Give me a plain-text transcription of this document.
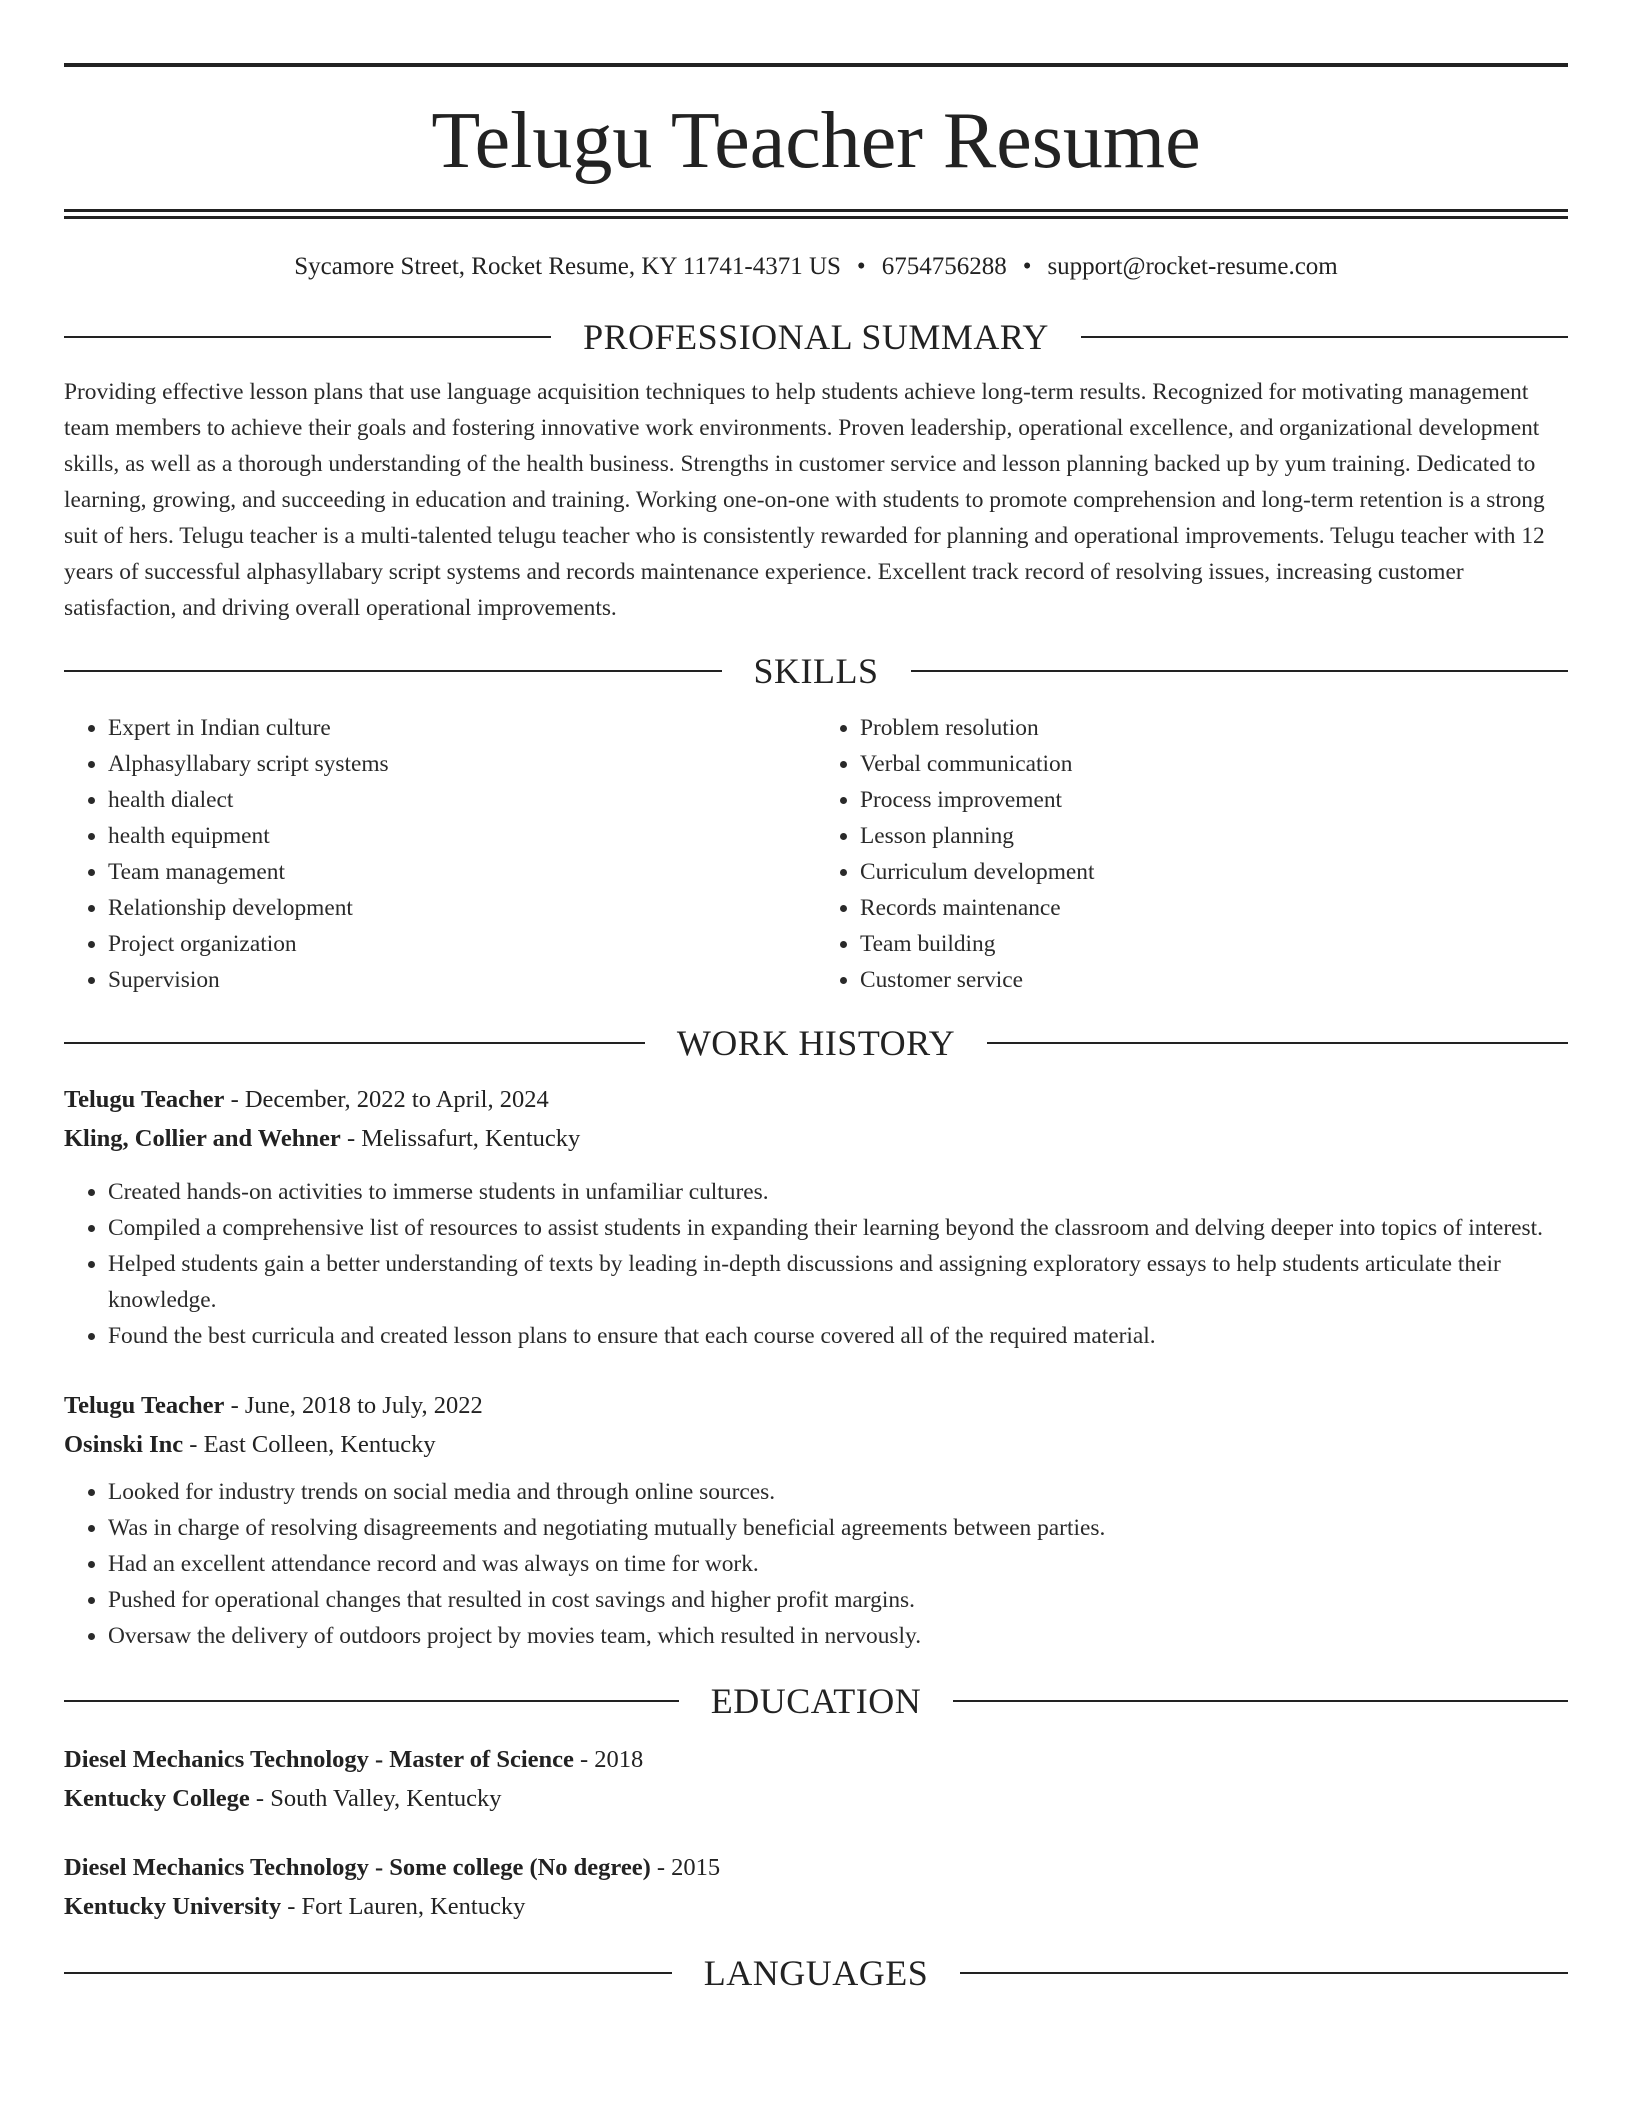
Telugu Teacher Resume
Sycamore Street, Rocket Resume, KY 11741-4371 US • 6754756288 • support@rocket-resume.com
PROFESSIONAL SUMMARY
Providing effective lesson plans that use language acquisition techniques to help students achieve long-term results. Recognized for motivating management team members to achieve their goals and fostering innovative work environments. Proven leadership, operational excellence, and organizational development skills, as well as a thorough understanding of the health business. Strengths in customer service and lesson planning backed up by yum training. Dedicated to learning, growing, and succeeding in education and training. Working one-on-one with students to promote comprehension and long-term retention is a strong suit of hers. Telugu teacher is a multi-talented telugu teacher who is consistently rewarded for planning and operational improvements. Telugu teacher with 12 years of successful alphasyllabary script systems and records maintenance experience. Excellent track record of resolving issues, increasing customer satisfaction, and driving overall operational improvements.
SKILLS
• Expert in Indian culture
• Alphasyllabary script systems
• health dialect
• health equipment
• Team management
• Relationship development
• Project organization
• Supervision
• Problem resolution
• Verbal communication
• Process improvement
• Lesson planning
• Curriculum development
• Records maintenance
• Team building
• Customer service
WORK HISTORY
Telugu Teacher - December, 2022 to April, 2024
Kling, Collier and Wehner - Melissafurt, Kentucky
• Created hands-on activities to immerse students in unfamiliar cultures.
• Compiled a comprehensive list of resources to assist students in expanding their learning beyond the classroom and delving deeper into topics of interest.
• Helped students gain a better understanding of texts by leading in-depth discussions and assigning exploratory essays to help students articulate their knowledge.
• Found the best curricula and created lesson plans to ensure that each course covered all of the required material.
Telugu Teacher - June, 2018 to July, 2022
Osinski Inc - East Colleen, Kentucky
• Looked for industry trends on social media and through online sources.
• Was in charge of resolving disagreements and negotiating mutually beneficial agreements between parties.
• Had an excellent attendance record and was always on time for work.
• Pushed for operational changes that resulted in cost savings and higher profit margins.
• Oversaw the delivery of outdoors project by movies team, which resulted in nervously.
EDUCATION
Diesel Mechanics Technology - Master of Science - 2018
Kentucky College - South Valley, Kentucky
Diesel Mechanics Technology - Some college (No degree) - 2015
Kentucky University - Fort Lauren, Kentucky
LANGUAGES
